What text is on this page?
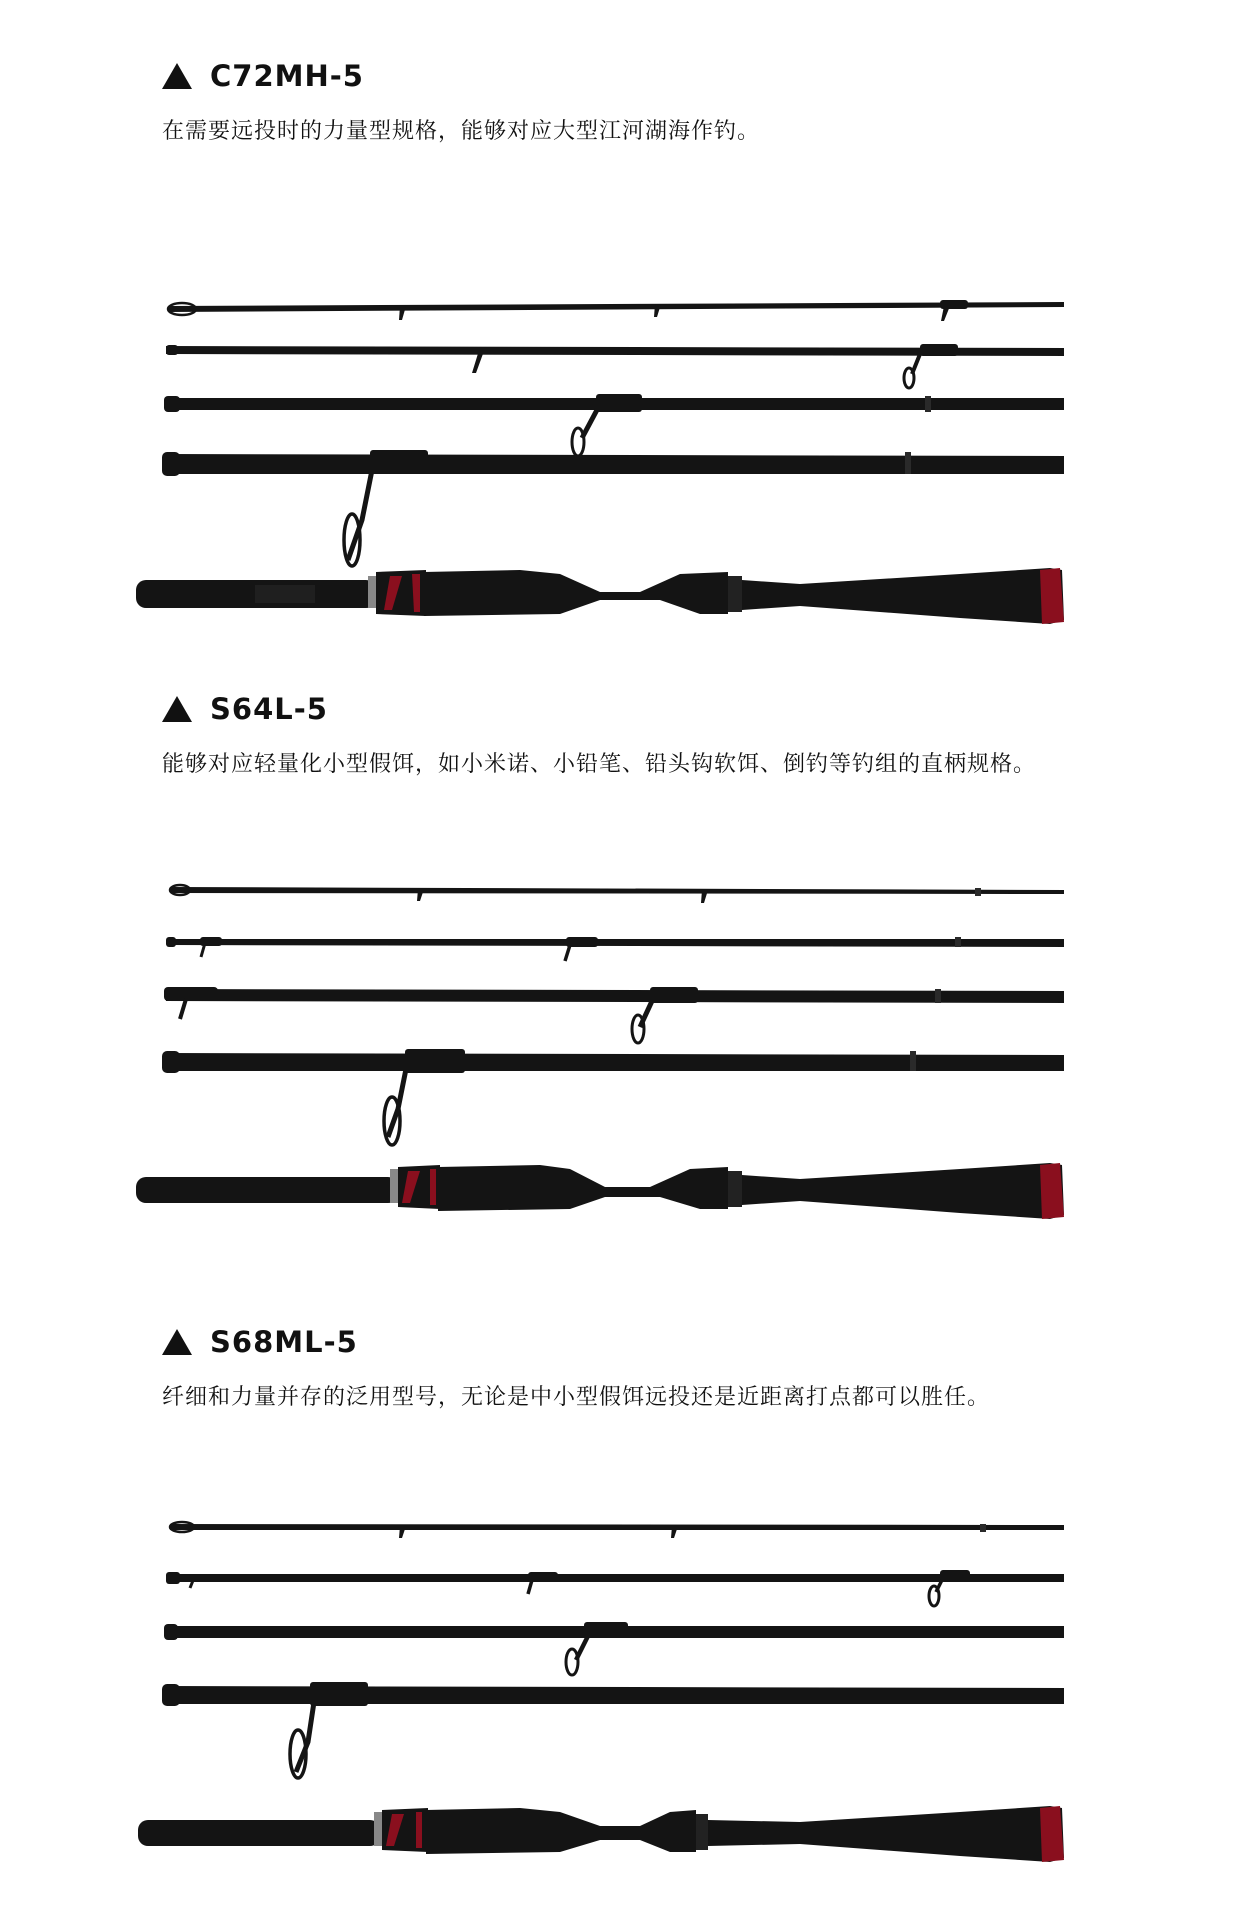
C72MH-5
在需要远投时的力量型规格，能够对应大型江河湖海作钓。
S64L-5
能够对应轻量化小型假饵，如小米诺、小铅笔、铅头钩软饵、倒钓等钓组的直柄规格。
S68ML-5
纤细和力量并存的泛用型号，无论是中小型假饵远投还是近距离打点都可以胜任。
